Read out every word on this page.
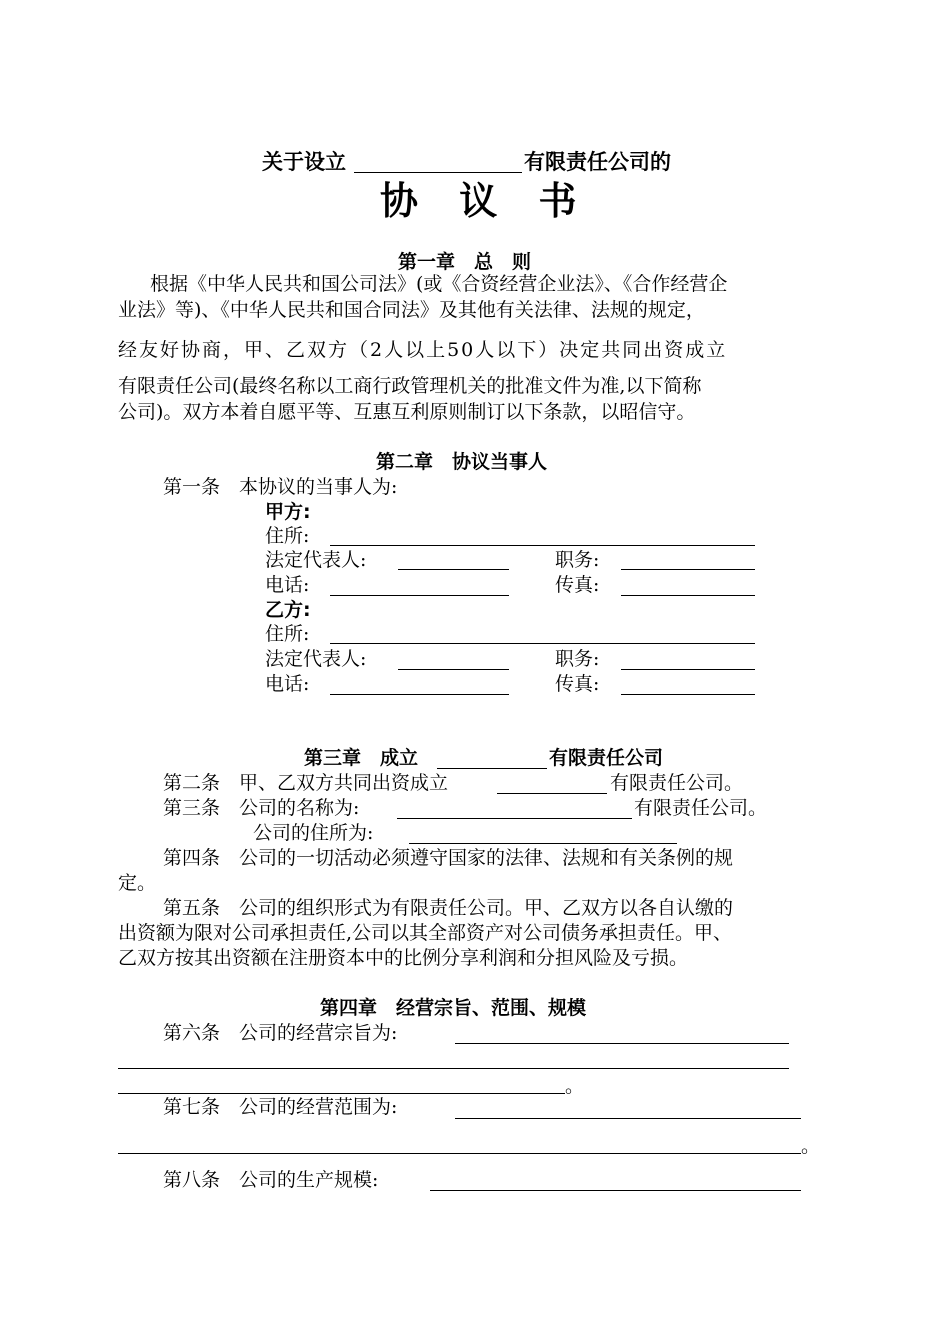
关于设立	有限责任公司的
协 议 书
第一章　总　则
根据《中华人民共和国公司法》(或《合资经营企业法》、《合作经营企
业法》等)、《中华人民共和国合同法》及其他有关法律、法规的规定，
经友好协商，甲、乙双方（2人以上50人以下）决定共同出资成立
有限责任公司(最终名称以工商行政管理机关的批准文件为准,以下简称
公司)。双方本着自愿平等、互惠互利原则制订以下条款，以昭信守。
第二章　协议当事人
第一条　本协议的当事人为:
甲方:
住所:
法定代表人:	职务:
电话:	传真:
乙方:
住所:
法定代表人:	职务:
电话:	传真:
第三章　成立	有限责任公司
第二条　甲、乙双方共同出资成立	有限责任公司。
第三条　公司的名称为:	有限责任公司。
公司的住所为:
第四条　公司的一切活动必须遵守国家的法律、法规和有关条例的规
定。
第五条　公司的组织形式为有限责任公司。甲、乙双方以各自认缴的
出资额为限对公司承担责任,公司以其全部资产对公司债务承担责任。甲、
乙双方按其出资额在注册资本中的比例分享利润和分担风险及亏损。
第四章　经营宗旨、范围、规模
第六条　公司的经营宗旨为:
。
第七条　公司的经营范围为:
。
第八条　公司的生产规模:
